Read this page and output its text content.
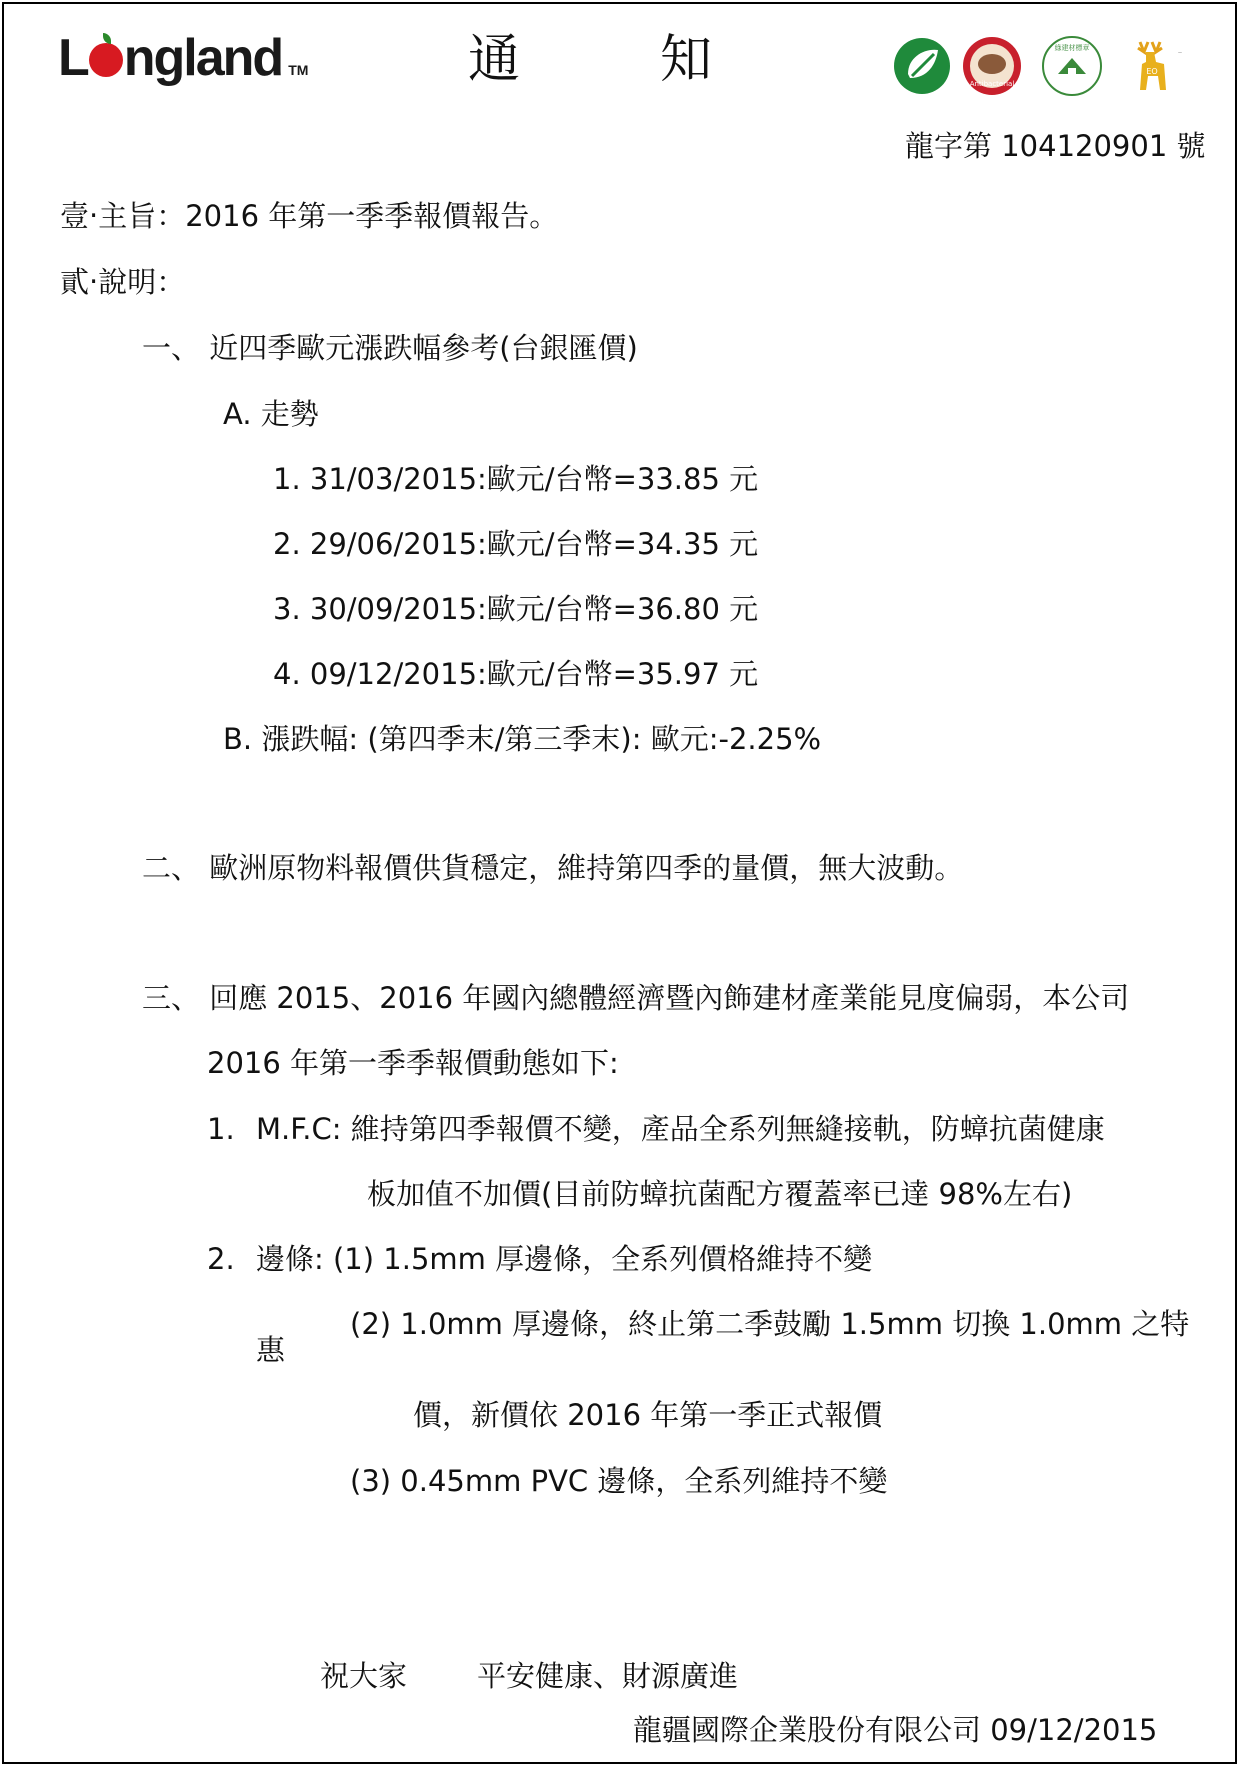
L ngland TM	通	知	Antibacterial
綠建材標章
EO
—
龍字第 104120901 號
壹‧主旨：2016 年第一季季報價報告。
貳‧說明：
一、 近四季歐元漲跌幅參考(台銀匯價)
A. 走勢
1. 31/03/2015:歐元/台幣=33.85 元
2. 29/06/2015:歐元/台幣=34.35 元
3. 30/09/2015:歐元/台幣=36.80 元
4. 09/12/2015:歐元/台幣=35.97 元
B. 漲跌幅: (第四季末/第三季末): 歐元:-2.25%
二、 歐洲原物料報價供貨穩定，維持第四季的量價，無大波動。
三、 回應 2015、2016 年國內總體經濟暨內飾建材產業能見度偏弱，本公司
2016 年第一季季報價動態如下:
1. M.F.C: 維持第四季報價不變，產品全系列無縫接軌，防蟑抗菌健康
板加值不加價(目前防蟑抗菌配方覆蓋率已達 98%左右)
2. 邊條: (1) 1.5mm 厚邊條，全系列價格維持不變
(2) 1.0mm 厚邊條，終止第二季鼓勵 1.5mm 切換 1.0mm 之特
惠
價，新價依 2016 年第一季正式報價
(3) 0.45mm PVC 邊條，全系列維持不變
祝大家 平安健康、財源廣進
龍疆國際企業股份有限公司 09/12/2015
